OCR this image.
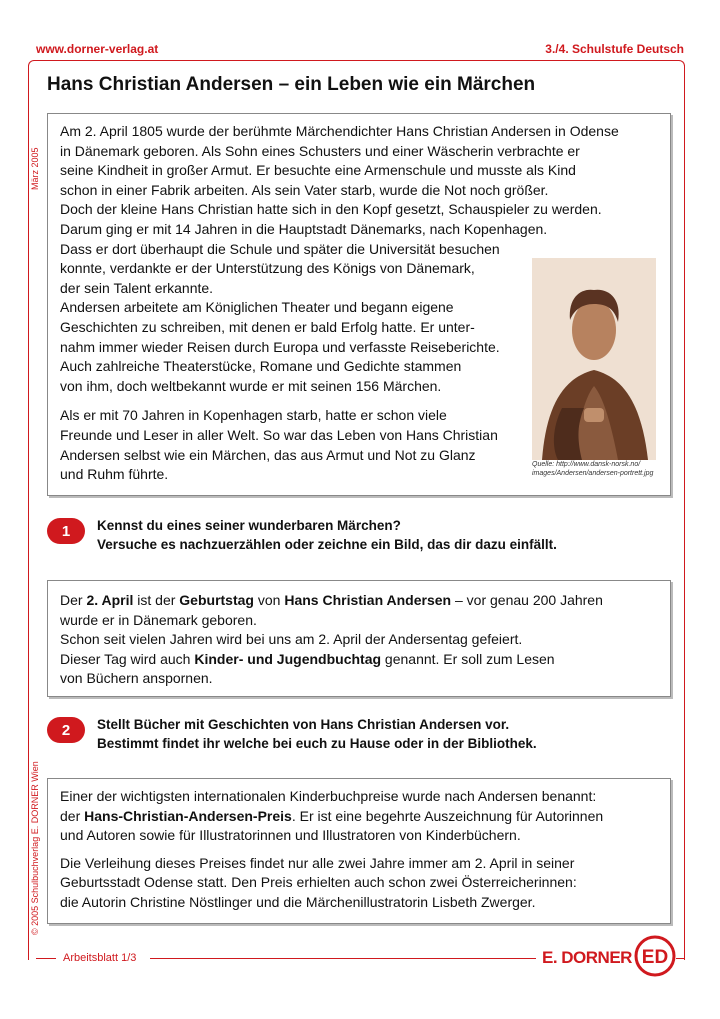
www.dorner-verlag.at	3./4. Schulstufe Deutsch
März 2005
© 2005 Schulbuchverlag E. DORNER Wien
Hans Christian Andersen – ein Leben wie ein Märchen
Am 2. April 1805 wurde der berühmte Märchendichter Hans Christian Andersen in Odense
in Dänemark geboren. Als Sohn eines Schusters und einer Wäscherin verbrachte er
seine Kindheit in großer Armut. Er besuchte eine Armenschule und musste als Kind
schon in einer Fabrik arbeiten. Als sein Vater starb, wurde die Not noch größer.
Doch der kleine Hans Christian hatte sich in den Kopf gesetzt, Schauspieler zu werden.
Darum ging er mit 14 Jahren in die Hauptstadt Dänemarks, nach Kopenhagen.
Dass er dort überhaupt die Schule und später die Universität besuchen
konnte, verdankte er der Unterstützung des Königs von Dänemark,
der sein Talent erkannte.
Andersen arbeitete am Königlichen Theater und begann eigene
Geschichten zu schreiben, mit denen er bald Erfolg hatte. Er unter-
nahm immer wieder Reisen durch Europa und verfasste Reiseberichte.
Auch zahlreiche Theaterstücke, Romane und Gedichte stammen
von ihm, doch weltbekannt wurde er mit seinen 156 Märchen.
Als er mit 70 Jahren in Kopenhagen starb, hatte er schon viele
Freunde und Leser in aller Welt. So war das Leben von Hans Christian
Andersen selbst wie ein Märchen, das aus Armut und Not zu Glanz
und Ruhm führte.
Quelle: http://www.dansk-norsk.no/
images/Andersen/andersen-portrett.jpg
1	Kennst du eines seiner wunderbaren Märchen?
Versuche es nachzuerzählen oder zeichne ein Bild, das dir dazu einfällt.
Der 2. April ist der Geburtstag von Hans Christian Andersen – vor genau 200 Jahren
wurde er in Dänemark geboren.
Schon seit vielen Jahren wird bei uns am 2. April der Andersentag gefeiert.
Dieser Tag wird auch Kinder- und Jugendbuchtag genannt. Er soll zum Lesen
von Büchern anspornen.
2	Stellt Bücher mit Geschichten von Hans Christian Andersen vor.
Bestimmt findet ihr welche bei euch zu Hause oder in der Bibliothek.
Einer der wichtigsten internationalen Kinderbuchpreise wurde nach Andersen benannt:
der Hans-Christian-Andersen-Preis. Er ist eine begehrte Auszeichnung für Autorinnen
und Autoren sowie für Illustratorinnen und Illustratoren von Kinderbüchern.
Die Verleihung dieses Preises findet nur alle zwei Jahre immer am 2. April in seiner
Geburtsstadt Odense statt. Den Preis erhielten auch schon zwei Österreicherinnen:
die Autorin Christine Nöstlinger und die Märchenillustratorin Lisbeth Zwerger.
Arbeitsblatt 1/3	E. DORNER ED
